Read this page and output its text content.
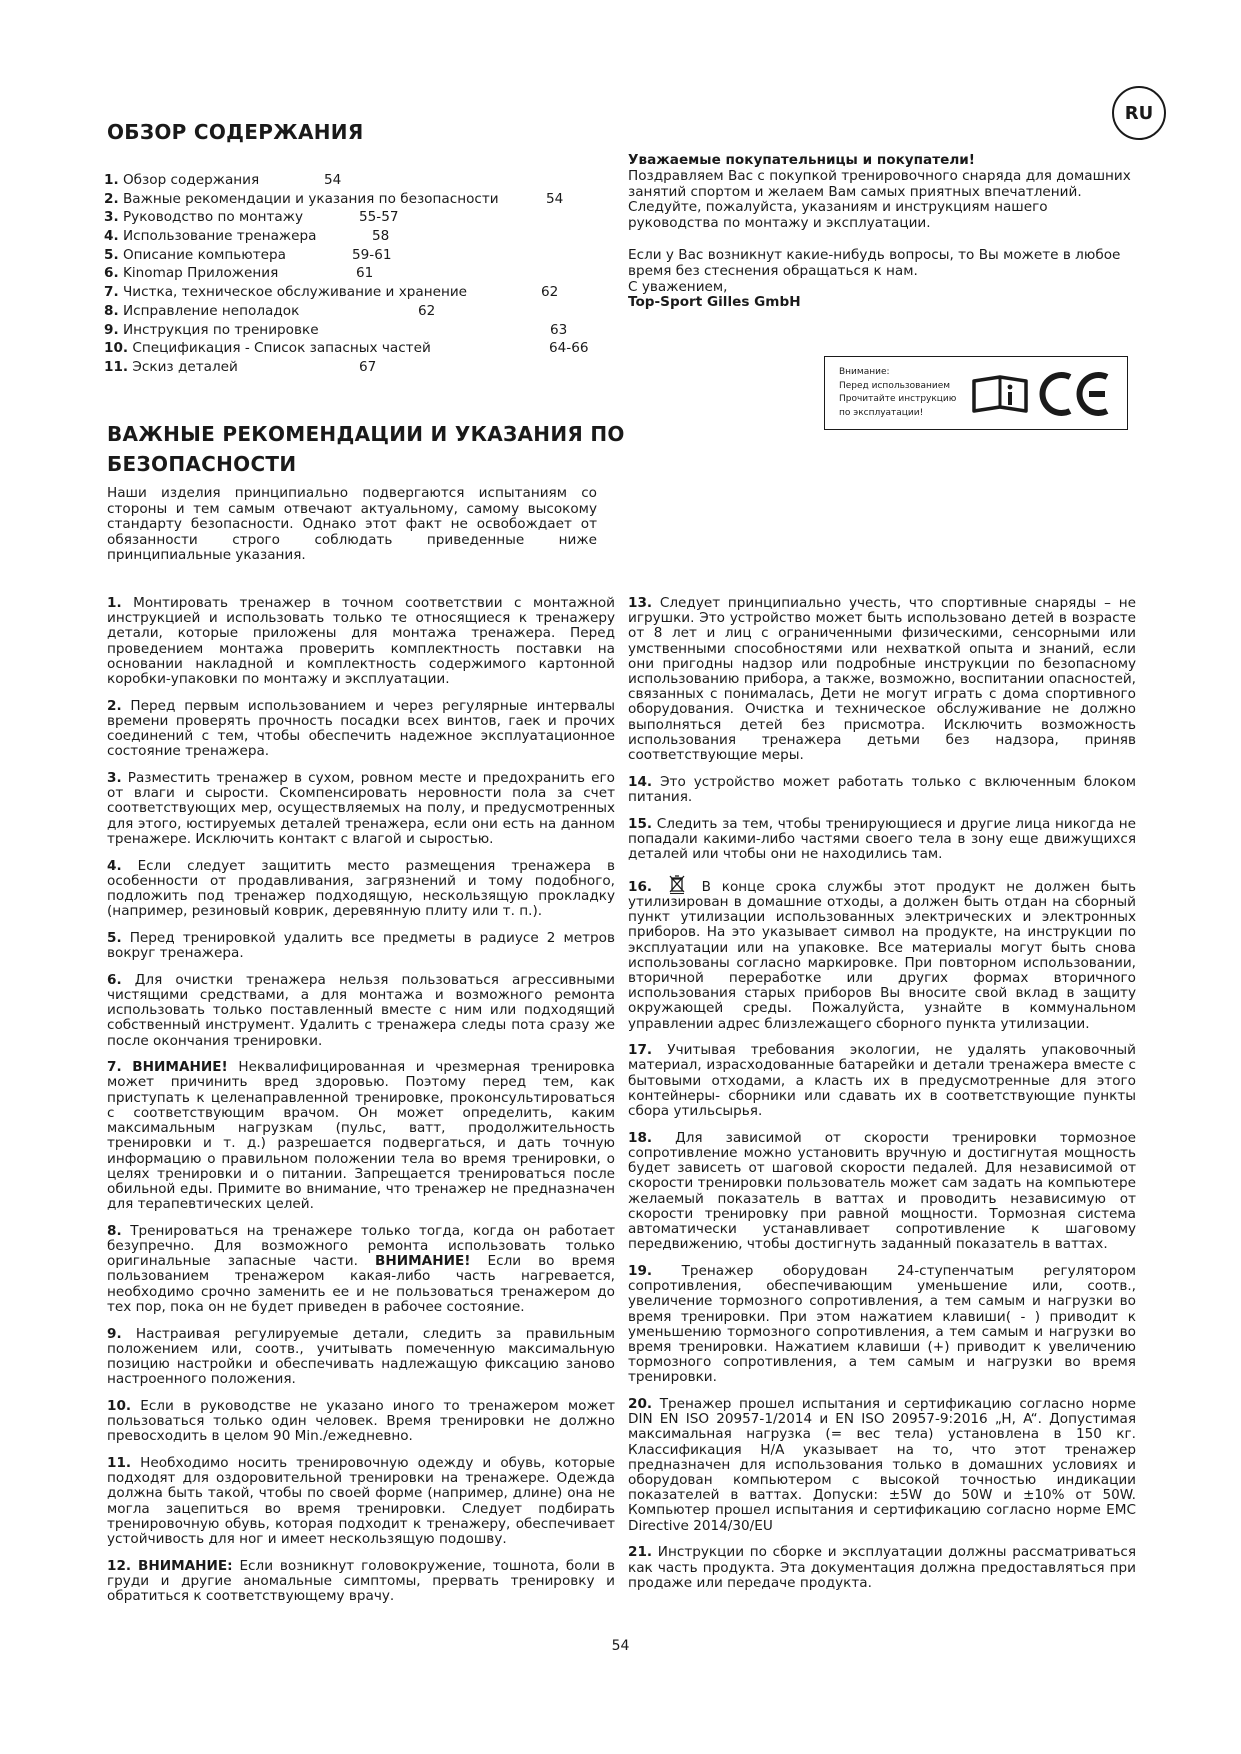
RU
ОБЗОР СОДЕРЖАНИЯ
1. Обзор содержания	54
2. Важные рекомендации и указания по безопасности	54
3. Руководство по монтажу	55-57
4. Использование тренажера	58
5. Описание компьютера	59-61
6. Kinomap Приложения	61
7. Чистка, техническое обслуживание и хранение	62
8. Исправление неполадок	62
9. Инструкция по тренировке	63
10. Спецификация - Список запасных частей	64-66
11. Эскиз деталей	67
Уважаемые покупательницы и покупатели!

Поздравляем Вас с покупкой тренировочного снаряда для домашних занятий спортом и желаем Вам самых приятных впечатлений. Следуйте, пожалуйста, указаниям и инструкциям нашего руководства по монтажу и эксплуатации.

Если у Вас возникнут какие-нибудь вопросы, то Вы можете в любое время без стеснения обращаться к нам.
С уважением,
Top-Sport Gilles GmbH
Внимание:
Перед использованием
Прочитайте инструкцию
по эксплуатации!
ВАЖНЫЕ РЕКОМЕНДАЦИИ И УКАЗАНИЯ ПО
БЕЗОПАСНОСТИ
Наши изделия принципиально подвергаются испытаниям со стороны и тем самым отвечают актуальному, самому высокому стандарту безопасности. Однако этот факт не освобождает от обязанности строго соблюдать приведенные ниже принципиальные указания.
1. Монтировать тренажер в точном соответствии с монтажной инструкцией и использовать только те относящиеся к тренажеру детали, которые приложены для монтажа тренажера. Перед проведением монтажа проверить комплектность поставки на основании накладной и комплектность содержимого картонной коробки-упаковки по монтажу и эксплуатации.
2. Перед первым использованием и через регулярные интервалы времени проверять прочность посадки всех винтов, гаек и прочих соединений с тем, чтобы обеспечить надежное эксплуатационное состояние тренажера.
3. Разместить тренажер в сухом, ровном месте и предохранить его от влаги и сырости. Скомпенсировать неровности пола за счет соответствующих мер, осуществляемых на полу, и предусмотренных для этого, юстируемых деталей тренажера, если они есть на данном тренажере. Исключить контакт с влагой и сыростью.
4. Если следует защитить место размещения тренажера в особенности от продавливания, загрязнений и тому подобного, подложить под тренажер подходящую, нескользящую прокладку (например, резиновый коврик, деревянную плиту или т. п.).
5. Перед тренировкой удалить все предметы в радиусе 2 метров вокруг тренажера.
6. Для очистки тренажера нельзя пользоваться агрессивными чистящими средствами, а для монтажа и возможного ремонта использовать только поставленный вместе с ним или подходящий собственный инструмент. Удалить с тренажера следы пота сразу же после окончания тренировки.
7. ВНИМАНИЕ! Неквалифицированная и чрезмерная тренировка может причинить вред здоровью. Поэтому перед тем, как приступать к целенаправленной тренировке, проконсультироваться с соответствующим врачом. Он может определить, каким максимальным нагрузкам (пульс, ватт, продолжительность тренировки и т. д.) разрешается подвергаться, и дать точную информацию о правильном положении тела во время тренировки, о целях тренировки и о питании. Запрещается тренироваться после обильной еды. Примите во внимание, что тренажер не предназначен для терапевтических целей.
8. Тренироваться на тренажере только тогда, когда он работает безупречно. Для возможного ремонта использовать только оригинальные запасные части. ВНИМАНИЕ! Если во время пользованием тренажером какая-либо часть нагревается, необходимо срочно заменить ее и не пользоваться тренажером до тех пор, пока он не будет приведен в рабочее состояние.
9. Настраивая регулируемые детали, следить за правильным положением или, соотв., учитывать помеченную максимальную позицию настройки и обеспечивать надлежащую фиксацию заново настроенного положения.
10. Если в руководстве не указано иного то тренажером может пользоваться только один человек. Время тренировки не должно превосходить в целом 90 Min./ежедневно.
11. Необходимо носить тренировочную одежду и обувь, которые подходят для оздоровительной тренировки на тренажере. Одежда должна быть такой, чтобы по своей форме (например, длине) она не могла зацепиться во время тренировки. Следует подбирать тренировочную обувь, которая подходит к тренажеру, обеспечивает устойчивость для ног и имеет нескользящую подошву.
12. ВНИМАНИЕ: Если возникнут головокружение, тошнота, боли в груди и другие аномальные симптомы, прервать тренировку и обратиться к соответствующему врачу.
13. Следует принципиально учесть, что спортивные снаряды – не игрушки. Это устройство может быть использовано детей в возрасте от 8 лет и лиц с ограниченными физическими, сенсорными или умственными способностями или нехваткой опыта и знаний, если они пригодны надзор или подробные инструкции по безопасному использованию прибора, а также, возможно, воспитании опасностей, связанных с понималась, Дети не могут играть с дома спортивного оборудования. Очистка и техническое обслуживание не должно выполняться детей без присмотра. Исключить возможность использования тренажера детьми без надзора, приняв соответствующие меры.
14. Это устройство может работать только с включенным блоком питания.
15. Следить за тем, чтобы тренирующиеся и другие лица никогда не попадали какими-либо частями своего тела в зону еще движущихся деталей или чтобы они не находились там.
16.	В конце срока службы этот продукт не должен быть утилизирован в домашние отходы, а должен быть отдан на сборный пункт утилизации использованных электрических и электронных приборов. На это указывает символ на продукте, на инструкции по эксплуатации или на упаковке. Все материалы могут быть снова использованы согласно маркировке. При повторном использовании, вторичной переработке или других формах вторичного использования старых приборов Вы вносите свой вклад в защиту окружающей среды. Пожалуйста, узнайте в коммунальном управлении адрес близлежащего сборного пункта утилизации.
17. Учитывая требования экологии, не удалять упаковочный материал, израсходованные батарейки и детали тренажера вместе с бытовыми отходами, а класть их в предусмотренные для этого контейнеры- сборники или сдавать их в соответствующие пункты сбора утильсырья.
18. Для зависимой от скорости тренировки тормозное сопротивление можно установить вручную и достигнутая мощность будет зависеть от шаговой скорости педалей. Для независимой от скорости тренировки пользователь может сам задать на компьютере желаемый показатель в ваттах и проводить независимую от скорости тренировку при равной мощности. Тормозная система автоматически устанавливает сопротивление к шаговому передвижению, чтобы достигнуть заданный показатель в ваттах.
19. Тренажер оборудован 24-ступенчатым регулятором сопротивления, обеспечивающим уменьшение или, соотв., увеличение тормозного сопротивления, а тем самым и нагрузки во время тренировки. При этом нажатием клавиши( - ) приводит к уменьшению тормозного сопротивления, а тем самым и нагрузки во время тренировки. Нажатием клавиши (+) приводит к увеличению тормозного сопротивления, а тем самым и нагрузки во время тренировки.
20. Тренажер прошел испытания и сертификацию согласно норме DIN EN ISO 20957-1/2014 и EN ISO 20957-9:2016 „H, A“. Допустимая максимальная нагрузка (= вес тела) установлена в 150 кг. Классификация H/A указывает на то, что этот тренажер предназначен для использования только в домашних условиях и оборудован компьютером с высокой точностью индикации показателей в ваттах. Допуски: ±5W до 50W и ±10% от 50W. Компьютер прошел испытания и сертификацию согласно норме EMC Directive 2014/30/EU
21. Инструкции по сборке и эксплуатации должны рассматриваться как часть продукта. Эта документация должна предоставляться при продаже или передаче продукта.
54
